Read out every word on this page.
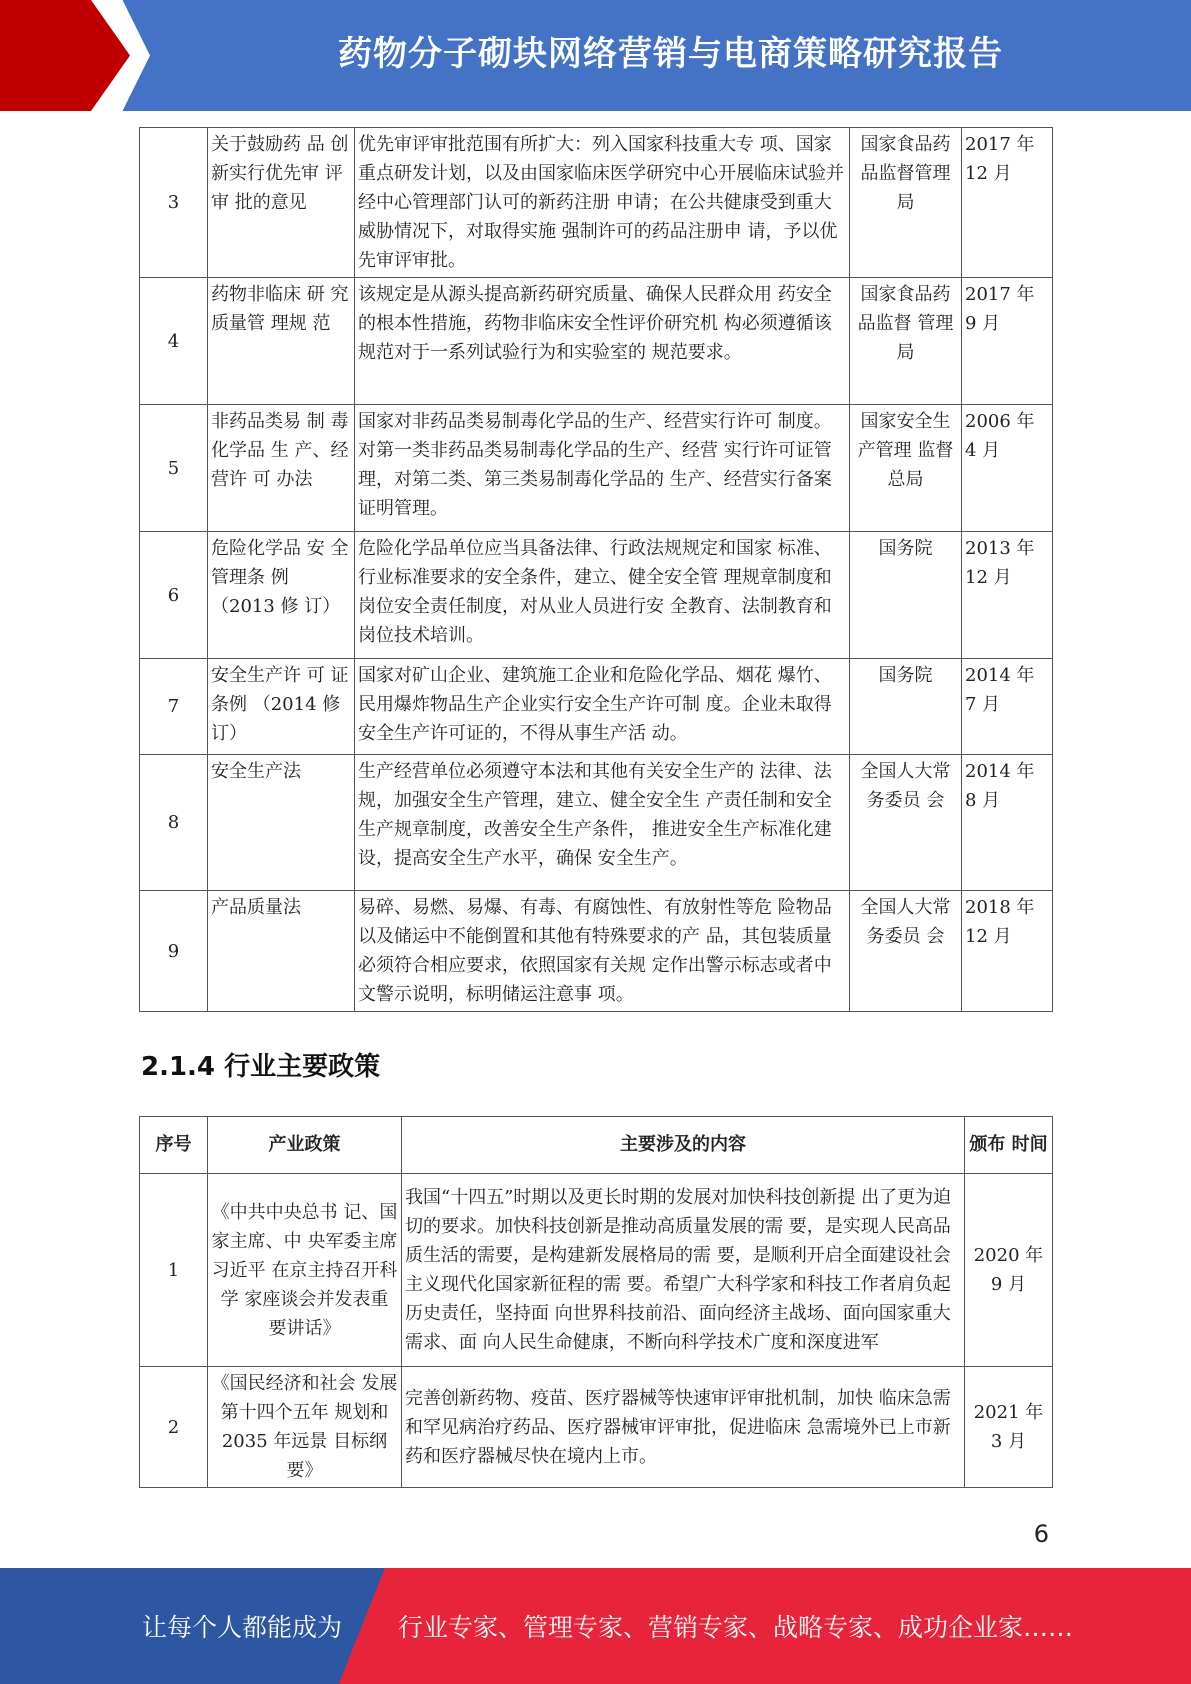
药物分子砌块网络营销与电商策略研究报告
3	关于鼓励药 品 创新实行优先审 评审 批的意见	优先审评审批范围有所扩大：列入国家科技重大专 项、国家重点研发计划，以及由国家临床医学研究中心开展临床试验并经中心管理部门认可的新药注册 申请；在公共健康受到重大威胁情况下，对取得实施 强制许可的药品注册申 请，予以优先审评审批。	国家食品药品监督管理局	2017 年 12 月
4	药物非临床 研 究质量管 理规 范	该规定是从源头提高新药研究质量、确保人民群众用 药安全的根本性措施，药物非临床安全性评价研究机 构必须遵循该规范对于一系列试验行为和实验室的 规范要求。	国家食品药品监督 管理局	2017 年 9 月
5	非药品类易 制 毒化学品 生 产、经营许 可 办法	国家对非药品类易制毒化学品的生产、经营实行许可 制度。对第一类非药品类易制毒化学品的生产、经营 实行许可证管理，对第二类、第三类易制毒化学品的 生产、经营实行备案证明管理。	国家安全生产管理 监督总局	2006 年 4 月
6	危险化学品 安 全管理条 例 （2013 修 订）	危险化学品单位应当具备法律、行政法规规定和国家 标准、行业标准要求的安全条件，建立、健全安全管 理规章制度和岗位安全责任制度，对从业人员进行安 全教育、法制教育和岗位技术培训。	国务院	2013 年 12 月
7	安全生产许 可 证条例 （2014 修订）	国家对矿山企业、建筑施工企业和危险化学品、烟花 爆竹、民用爆炸物品生产企业实行安全生产许可制 度。企业未取得安全生产许可证的，不得从事生产活 动。	国务院	2014 年 7 月
8	安全生产法	生产经营单位必须遵守本法和其他有关安全生产的 法律、法规，加强安全生产管理，建立、健全安全生 产责任制和安全生产规章制度，改善安全生产条件， 推进安全生产标准化建设，提高安全生产水平，确保 安全生产。	全国人大常务委员 会	2014 年 8 月
9	产品质量法	易碎、易燃、易爆、有毒、有腐蚀性、有放射性等危 险物品以及储运中不能倒置和其他有特殊要求的产 品，其包装质量必须符合相应要求，依照国家有关规 定作出警示标志或者中文警示说明，标明储运注意事 项。	全国人大常务委员 会	2018 年 12 月
2.1.4 行业主要政策
序号	产业政策	主要涉及的内容	颁布 时间
1	《中共中央总书 记、国家主席、中 央军委主席习近平 在京主持召开科学 家座谈会并发表重 要讲话》	我国“十四五”时期以及更长时期的发展对加快科技创新提 出了更为迫切的要求。加快科技创新是推动高质量发展的需 要，是实现人民高品质生活的需要，是构建新发展格局的需 要，是顺利开启全面建设社会主义现代化国家新征程的需 要。希望广大科学家和科技工作者肩负起历史责任，坚持面 向世界科技前沿、面向经济主战场、面向国家重大需求、面 向人民生命健康，不断向科学技术广度和深度进军	2020 年 9 月
2	《国民经济和社会 发展第十四个五年 规划和 2035 年远景 目标纲要》	完善创新药物、疫苗、医疗器械等快速审评审批机制，加快 临床急需和罕见病治疗药品、医疗器械审评审批，促进临床 急需境外已上市新药和医疗器械尽快在境内上市。	2021 年 3 月
6
让每个人都能成为 行业专家、管理专家、营销专家、战略专家、成功企业家……
